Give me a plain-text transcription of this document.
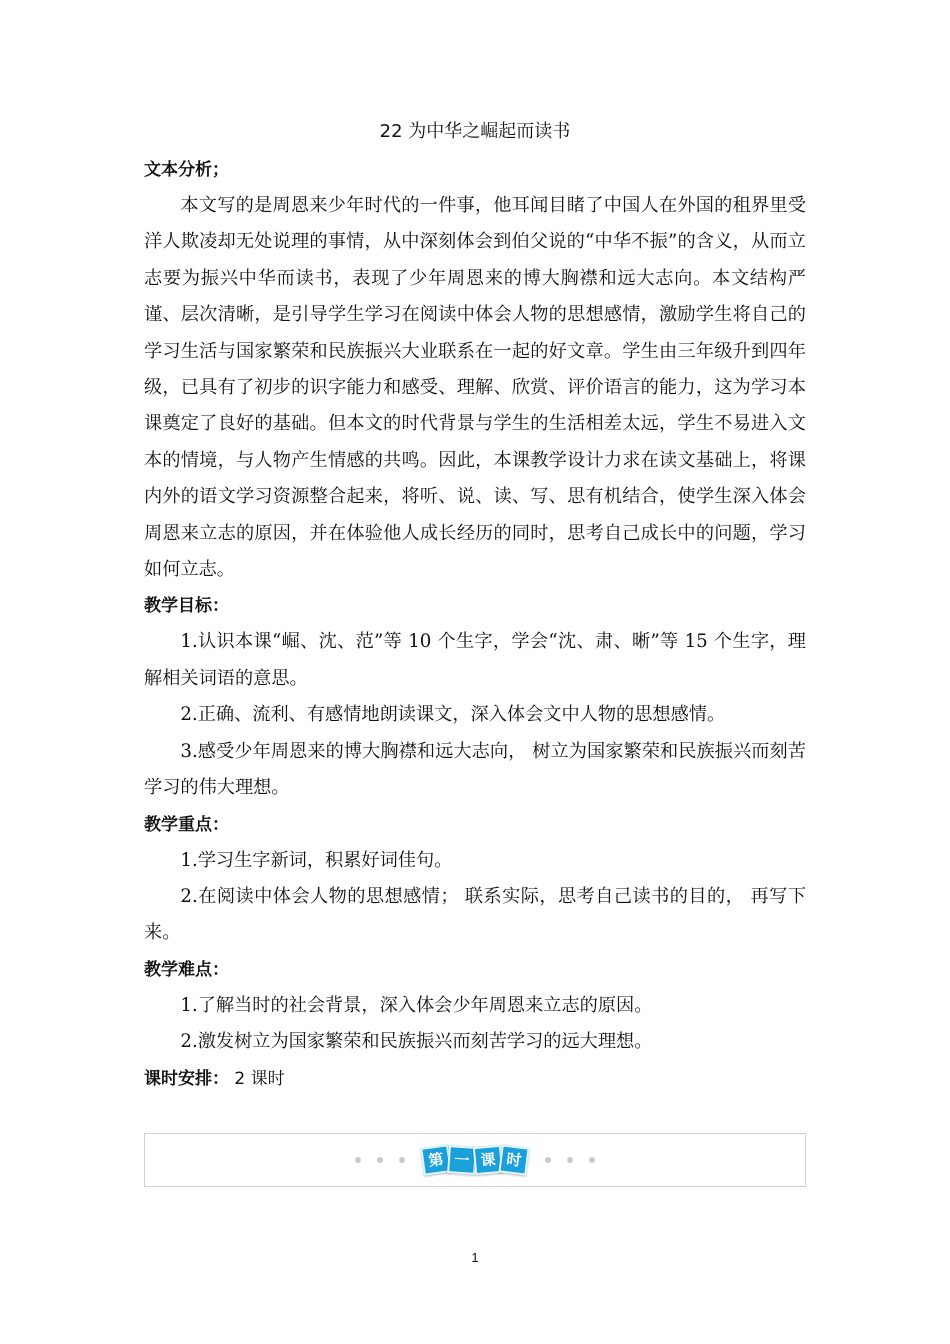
22 为中华之崛起而读书
文本分析；

本文写的是周恩来少年时代的一件事，他耳闻目睹了中国人在外国的租界里受洋人欺凌却无处说理的事情，从中深刻体会到伯父说的“中华不振”的含义，从而立志要为振兴中华而读书，表现了少年周恩来的博大胸襟和远大志向。本文结构严谨、层次清晰，是引导学生学习在阅读中体会人物的思想感情，激励学生将自己的学习生活与国家繁荣和民族振兴大业联系在一起的好文章。学生由三年级升到四年级，已具有了初步的识字能力和感受、理解、欣赏、评价语言的能力，这为学习本课奠定了良好的基础。但本文的时代背景与学生的生活相差太远，学生不易进入文本的情境，与人物产生情感的共鸣。因此，本课教学设计力求在读文基础上，将课内外的语文学习资源整合起来，将听、说、读、写、思有机结合，使学生深入体会周恩来立志的原因，并在体验他人成长经历的同时，思考自己成长中的问题，学习如何立志。

教学目标：

1.认识本课“崛、沈、范”等 10 个生字，学会“沈、肃、晰”等 15 个生字，理解相关词语的意思。

2.正确、流利、有感情地朗读课文，深入体会文中人物的思想感情。

3.感受少年周恩来的博大胸襟和远大志向， 树立为国家繁荣和民族振兴而刻苦学习的伟大理想。

教学重点：

1.学习生字新词，积累好词佳句。

2.在阅读中体会人物的思想感情； 联系实际，思考自己读书的目的， 再写下来。

教学难点：

1.了解当时的社会背景，深入体会少年周恩来立志的原因。

2.激发树立为国家繁荣和民族振兴而刻苦学习的远大理想。

课时安排： 2 课时
第 一 课 时
1
